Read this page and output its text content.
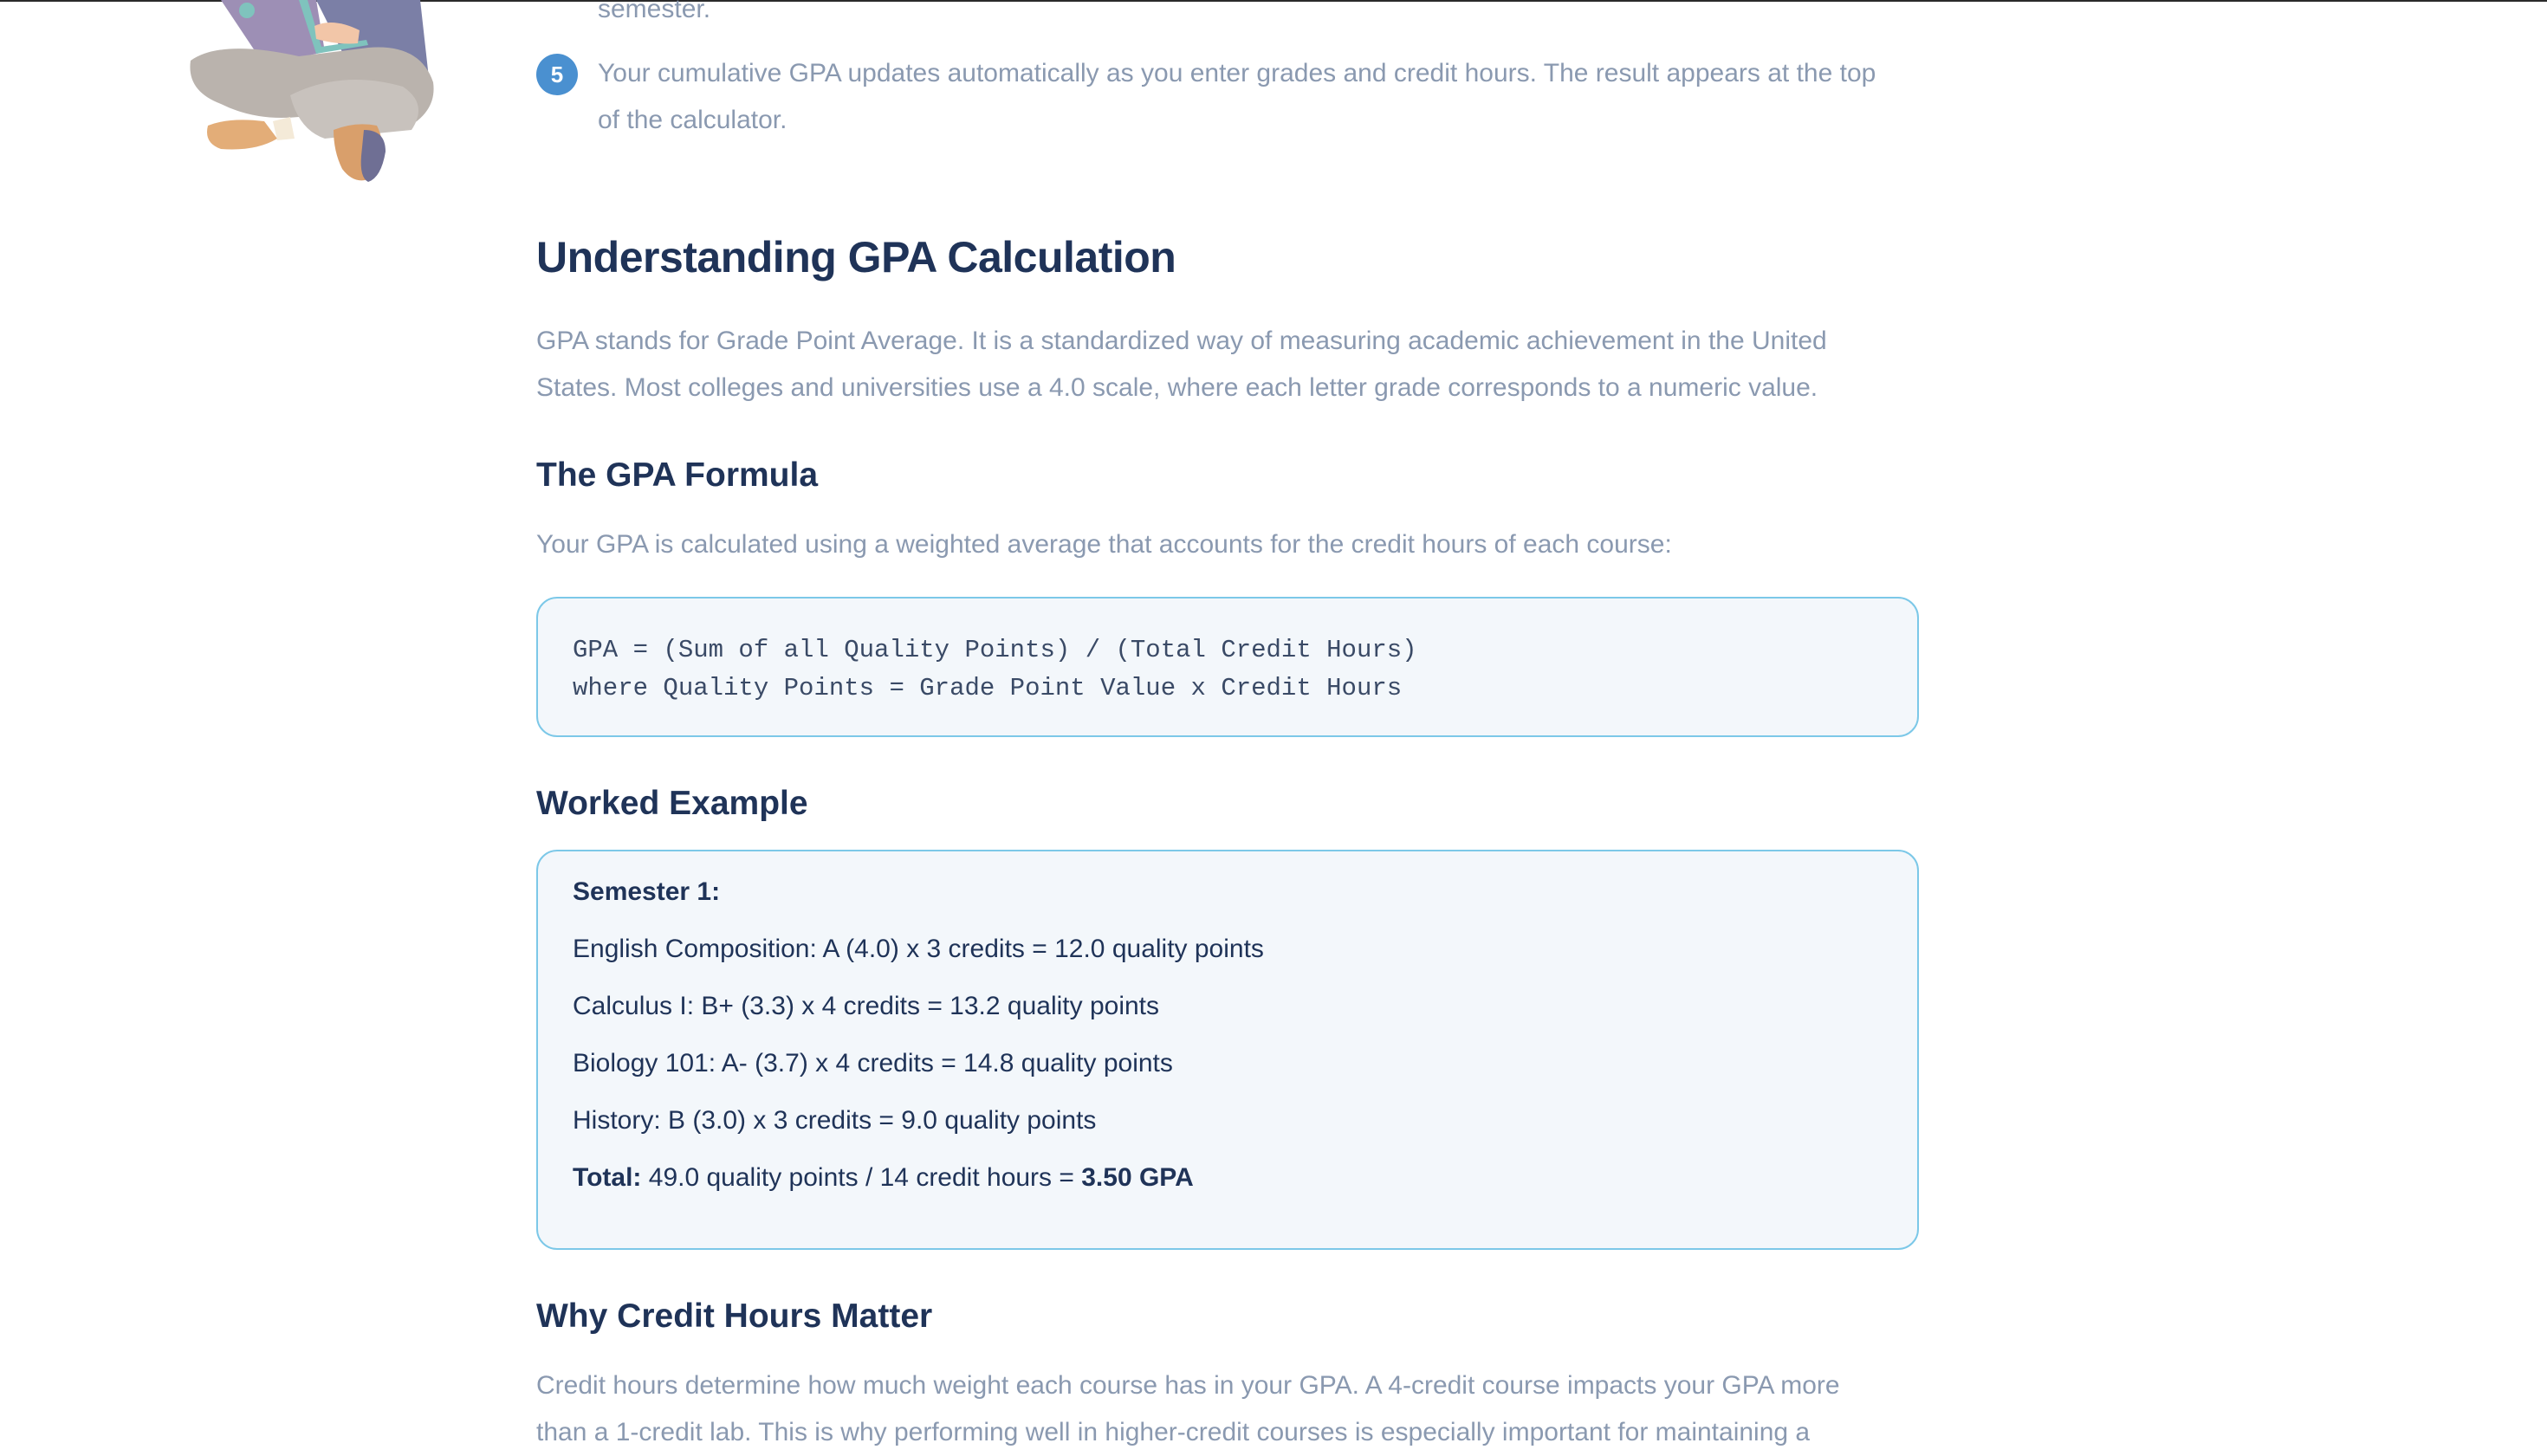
semester.
5	Your cumulative GPA updates automatically as you enter grades and credit hours. The result appears at the top
of the calculator.
Understanding GPA Calculation
GPA stands for Grade Point Average. It is a standardized way of measuring academic achievement in the United
States. Most colleges and universities use a 4.0 scale, where each letter grade corresponds to a numeric value.
The GPA Formula
Your GPA is calculated using a weighted average that accounts for the credit hours of each course:
GPA = (Sum of all Quality Points) / (Total Credit Hours)
where Quality Points = Grade Point Value x Credit Hours
Worked Example
Semester 1:
English Composition: A (4.0) x 3 credits = 12.0 quality points
Calculus I: B+ (3.3) x 4 credits = 13.2 quality points
Biology 101: A- (3.7) x 4 credits = 14.8 quality points
History: B (3.0) x 3 credits = 9.0 quality points
Total: 49.0 quality points / 14 credit hours = 3.50 GPA
Why Credit Hours Matter
Credit hours determine how much weight each course has in your GPA. A 4-credit course impacts your GPA more
than a 1-credit lab. This is why performing well in higher-credit courses is especially important for maintaining a
